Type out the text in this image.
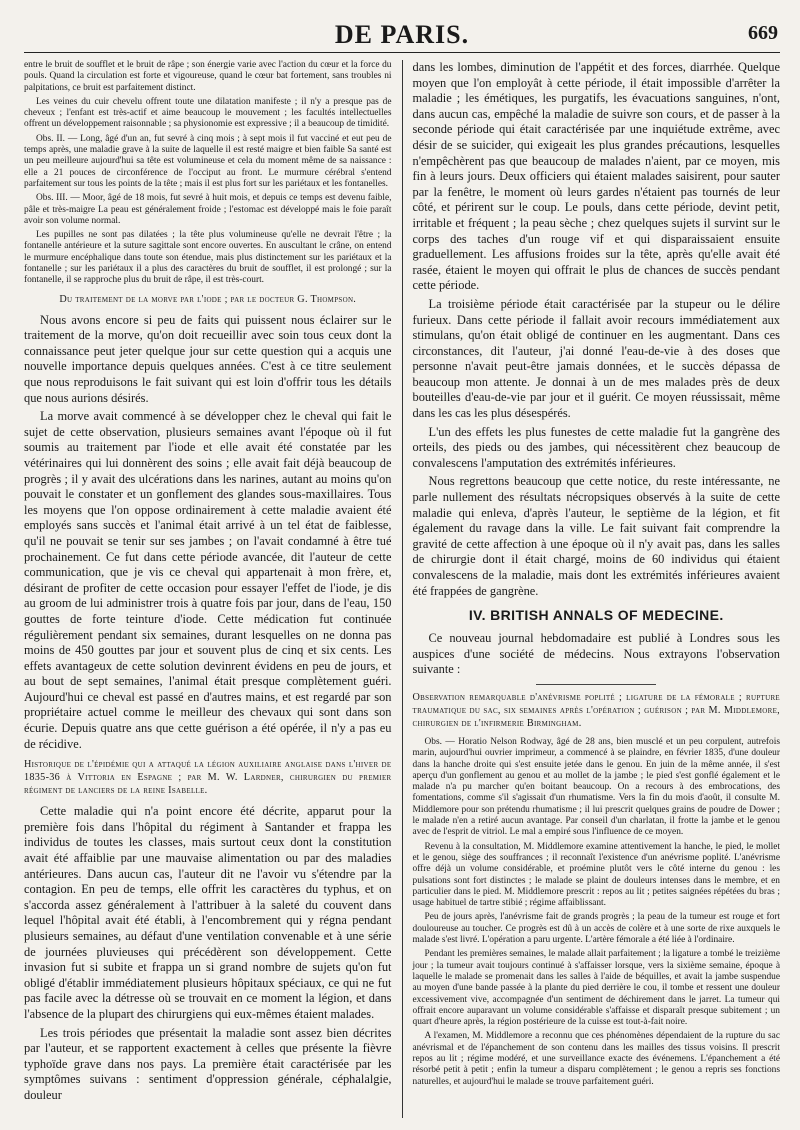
DE PARIS.	669

entre le bruit de soufflet et le bruit de râpe ; son énergie varie avec l'action du cœur et la force du pouls. Quand la circulation est forte et vigoureuse, quand le cœur bat fortement, sans troubles ni palpitations, ce bruit est parfaitement distinct.

Les veines du cuir chevelu offrent toute une dilatation manifeste ; il n'y a presque pas de cheveux ; l'enfant est très-actif et aime beaucoup le mouvement ; les facultés intellectuelles offrent un développement raisonnable ; sa physionomie est expressive ; il a beaucoup de timidité.

Obs. II. — Long, âgé d'un an, fut sevré à cinq mois ; à sept mois il fut vacciné et eut peu de temps après, une maladie grave à la suite de laquelle il est resté maigre et bien faible Sa santé est un peu meilleure aujourd'hui sa tête est volumineuse et cela du moment même de sa naissance : elle a 21 pouces de circonférence de l'occiput au front. Le murmure cérébral s'entend parfaitement sur tous les points de la tête ; mais il est plus fort sur les pariétaux et les fontanelles.

Obs. III. — Moor, âgé de 18 mois, fut sevré à huit mois, et depuis ce temps est devenu faible, pâle et très-maigre La peau est généralement froide ; l'estomac est développé mais le foie paraît avoir son volume normal.

Les pupilles ne sont pas dilatées ; la tête plus volumineuse qu'elle ne devrait l'être ; la fontanelle antérieure et la suture sagittale sont encore ouvertes. En auscultant le crâne, on entend le murmure encéphalique dans toute son étendue, mais plus distinctement sur les pariétaux et la fontanelle ; sur les pariétaux il a plus des caractères du bruit de soufflet, il est prolongé ; sur la fontanelle, il se rapproche plus du bruit de râpe, il est très-court.

Du traitement de la morve par l'iode ; par le docteur G. Thompson.

Nous avons encore si peu de faits qui puissent nous éclairer sur le traitement de la morve, qu'on doit recueillir avec soin tous ceux dont la connaissance peut jeter quelque jour sur cette question qui a acquis une nouvelle importance depuis quelques années. C'est à ce titre seulement que nous reproduisons le fait suivant qui est loin d'offrir tous les détails que nous aurions désirés.

La morve avait commencé à se développer chez le cheval qui fait le sujet de cette observation, plusieurs semaines avant l'époque où il fut soumis au traitement par l'iode et elle avait été constatée par les vétérinaires qui lui donnèrent des soins ; elle avait fait déjà beaucoup de progrès ; il y avait des ulcérations dans les narines, autant au moins qu'on pouvait le constater et un gonflement des glandes sous-maxillaires. Tous les moyens que l'on oppose ordinairement à cette maladie avaient été employés sans succès et l'animal était arrivé à un tel état de faiblesse, qu'il ne pouvait se tenir sur ses jambes ; on l'avait condamné à être tué prochainement. Ce fut dans cette période avancée, dit l'auteur de cette communication, que je vis ce cheval qui appartenait à mon frère, et, désirant de profiter de cette occasion pour essayer l'effet de l'iode, je dis au groom de lui administrer trois à quatre fois par jour, dans de l'eau, 150 gouttes de forte teinture d'iode. Cette médication fut continuée régulièrement pendant six semaines, durant lesquelles on ne donna pas moins de 450 gouttes par jour et souvent plus de cinq et six cents. Les effets avantageux de cette solution devinrent évidens en peu de jours, et au bout de sept semaines, l'animal était presque complètement guéri. Aujourd'hui ce cheval est passé en d'autres mains, et est regardé par son propriétaire actuel comme le meilleur des chevaux qui sont dans son écurie. Depuis quatre ans que cette guérison a été opérée, il n'y a pas eu de récidive.

Historique de l'épidémie qui a attaqué la légion auxiliaire anglaise dans l'hiver de 1835-36 à Vittoria en Espagne ; par M. W. Lardner, chirurgien du premier régiment de lanciers de la reine Isabelle.

Cette maladie qui n'a point encore été décrite, apparut pour la première fois dans l'hôpital du régiment à Santander et frappa les individus de toutes les classes, mais surtout ceux dont la constitution avait été affaiblie par une mauvaise alimentation ou par des maladies antérieures. Dans aucun cas, l'auteur dit ne l'avoir vu s'étendre par la contagion. En peu de temps, elle offrit les caractères du typhus, et on s'accorda assez généralement à l'attribuer à la saleté du couvent dans lequel l'hôpital avait été établi, à l'encombrement qui y régna pendant plusieurs semaines, au défaut d'une ventilation convenable et à une série de journées pluvieuses qui précédèrent son développement. Cette invasion fut si subite et frappa un si grand nombre de sujets qu'on fut obligé d'établir immédiatement plusieurs hôpitaux spéciaux, ce qui ne fut pas facile avec la détresse où se trouvait en ce moment la légion, et dans l'absence de la plupart des chirurgiens qui eux-mêmes étaient malades.

Les trois périodes que présentait la maladie sont assez bien décrites par l'auteur, et se rapportent exactement à celles que présente la fièvre typhoïde grave dans nos pays. La première était caractérisée par les symptômes suivans : sentiment d'oppression générale, céphalalgie, douleur

dans les lombes, diminution de l'appétit et des forces, diarrhée. Quelque moyen que l'on employât à cette période, il était impossible d'arrêter la maladie ; les émétiques, les purgatifs, les évacuations sanguines, n'ont, dans aucun cas, empêché la maladie de suivre son cours, et de passer à la seconde période qui était caractérisée par une inquiétude extrême, avec désir de se suicider, qui exigeait les plus grandes précautions, lesquelles n'empêchèrent pas que beaucoup de malades n'aient, par ce moyen, mis fin à leurs jours. Deux officiers qui étaient malades saisirent, pour sauter par la fenêtre, le moment où leurs gardes n'étaient pas tournés de leur côté, et périrent sur le coup. Le pouls, dans cette période, devint petit, irritable et fréquent ; la peau sèche ; chez quelques sujets il survint sur le corps des taches d'un rouge vif et qui disparaissaient ensuite graduellement. Les affusions froides sur la tête, après qu'elle avait été rasée, étaient le moyen qui offrait le plus de chances de succès pendant cette période.

La troisième période était caractérisée par la stupeur ou le délire furieux. Dans cette période il fallait avoir recours immédiatement aux stimulans, qu'on était obligé de continuer en les augmentant. Dans ces circonstances, dit l'auteur, j'ai donné l'eau-de-vie à des doses que personne n'avait peut-être jamais données, et le succès dépassa de beaucoup mon attente. Je donnai à un de mes malades près de deux bouteilles d'eau-de-vie par jour et il guérit. Ce moyen réussissait, même dans les cas les plus désespérés.

L'un des effets les plus funestes de cette maladie fut la gangrène des orteils, des pieds ou des jambes, qui nécessitèrent chez beaucoup de convalescens l'amputation des extrémités inférieures.

Nous regrettons beaucoup que cette notice, du reste intéressante, ne parle nullement des résultats nécropsiques observés à la suite de cette maladie qui enleva, d'après l'auteur, le septième de la légion, et fit également du ravage dans la ville. Le fait suivant fait comprendre la gravité de cette affection à une époque où il n'y avait pas, dans les salles de chirurgie dont il était chargé, moins de 60 individus qui étaient convalescens de la maladie, mais dont les extrémités inférieures avaient été frappées de gangrène.

IV. BRITISH ANNALS OF MEDECINE.

Ce nouveau journal hebdomadaire est publié à Londres sous les auspices d'une société de médecins. Nous extrayons l'observation suivante :

Observation remarquable d'anévrisme poplité ; ligature de la fémorale ; rupture traumatique du sac, six semaines après l'opération ; guérison ; par M. Middlemore, chirurgien de l'infirmerie Birmingham.

Obs. — Horatio Nelson Rodway, âgé de 28 ans, bien musclé et un peu corpulent, autrefois marin, aujourd'hui ouvrier imprimeur, a commencé à se plaindre, en février 1835, d'une douleur dans la hanche droite qui s'est ensuite jetée dans le genou. En juin de la même année, il s'est aperçu d'un gonflement au genou et au mollet de la jambe ; le pied s'est gonflé également et le malade n'a pu marcher qu'en boitant beaucoup. On a recours à des embrocations, des fomentations, comme s'il s'agissait d'un rhumatisme. Vers la fin du mois d'août, il consulte M. Middlemore pour son prétendu rhumatisme ; il lui prescrit quelques grains de poudre de Dower ; le malade n'en a retiré aucun avantage. Par conseil d'un charlatan, il frotte la jambe et le genou avec de l'esprit de vitriol. Le mal a empiré sous l'influence de ce moyen.

Revenu à la consultation, M. Middlemore examine attentivement la hanche, le pied, le mollet et le genou, siège des souffrances ; il reconnaît l'existence d'un anévrisme poplité. L'anévrisme offre déjà un volume considérable, et proémine plutôt vers le côté interne du genou : les pulsations sont fort distinctes ; le malade se plaint de douleurs intenses dans le membre, et en particulier dans le pied. M. Middlemore prescrit : repos au lit ; petites saignées répétées du bras ; usage habituel de tartre stibié ; régime affaiblissant.

Peu de jours après, l'anévrisme fait de grands progrès ; la peau de la tumeur est rouge et fort douloureuse au toucher. Ce progrès est dû à un accès de colère et à une sorte de rixe auxquels le malade s'est livré. L'opération a paru urgente. L'artère fémorale a été liée à l'ordinaire.

Pendant les premières semaines, le malade allait parfaitement ; la ligature a tombé le treizième jour ; la tumeur avait toujours continué à s'affaisser lorsque, vers la sixième semaine, époque à laquelle le malade se promenait dans les salles à l'aide de béquilles, et avait la jambe suspendue au moyen d'une bande passée à la plante du pied derrière le cou, il tombe et ressent une douleur excessivement vive, accompagnée d'un sentiment de déchirement dans le jarret. La tumeur qui offrait encore auparavant un volume considérable s'affaisse et disparaît presque subitement ; un quart d'heure après, la région postérieure de la cuisse est tout-à-fait noire.

A l'examen, M. Middlemore a reconnu que ces phénomènes dépendaient de la rupture du sac anévrismal et de l'épanchement de son contenu dans les mailles des tissus voisins. Il prescrit repos au lit ; régime modéré, et une surveillance exacte des événemens. L'épanchement a été résorbé petit à petit ; enfin la tumeur a disparu complètement ; le genou a repris ses fonctions naturelles, et aujourd'hui le malade se trouve parfaitement guéri.
